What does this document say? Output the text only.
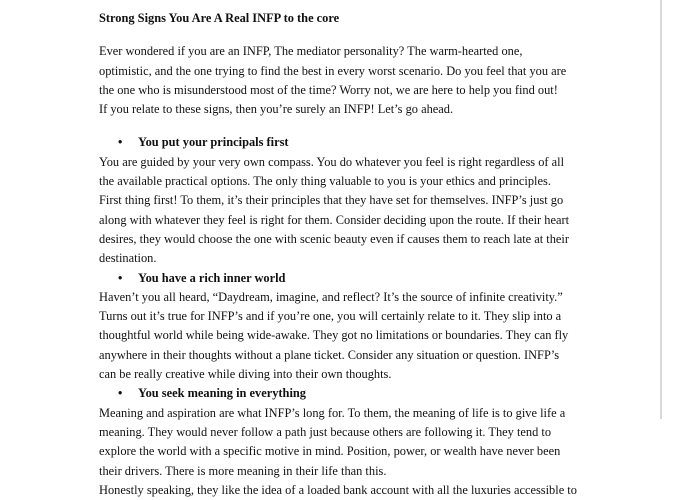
Strong Signs You Are A Real INFP to the core
Ever wondered if you are an INFP, The mediator personality? The warm-hearted one,
optimistic, and the one trying to find the best in every worst scenario. Do you feel that you are
the one who is misunderstood most of the time? Worry not, we are here to help you find out!
If you relate to these signs, then you’re surely an INFP! Let’s go ahead.
• You put your principals first
You are guided by your very own compass. You do whatever you feel is right regardless of all
the available practical options. The only thing valuable to you is your ethics and principles.
First thing first! To them, it’s their principles that they have set for themselves. INFP’s just go
along with whatever they feel is right for them. Consider deciding upon the route. If their heart
desires, they would choose the one with scenic beauty even if causes them to reach late at their
destination.
• You have a rich inner world
Haven’t you all heard, “Daydream, imagine, and reflect? It’s the source of infinite creativity.”
Turns out it’s true for INFP’s and if you’re one, you will certainly relate to it. They slip into a
thoughtful world while being wide-awake. They got no limitations or boundaries. They can fly
anywhere in their thoughts without a plane ticket. Consider any situation or question. INFP’s
can be really creative while diving into their own thoughts.
• You seek meaning in everything
Meaning and aspiration are what INFP’s long for. To them, the meaning of life is to give life a
meaning. They would never follow a path just because others are following it. They tend to
explore the world with a specific motive in mind. Position, power, or wealth have never been
their drivers. There is more meaning in their life than this.
Honestly speaking, they like the idea of a loaded bank account with all the luxuries accessible to
